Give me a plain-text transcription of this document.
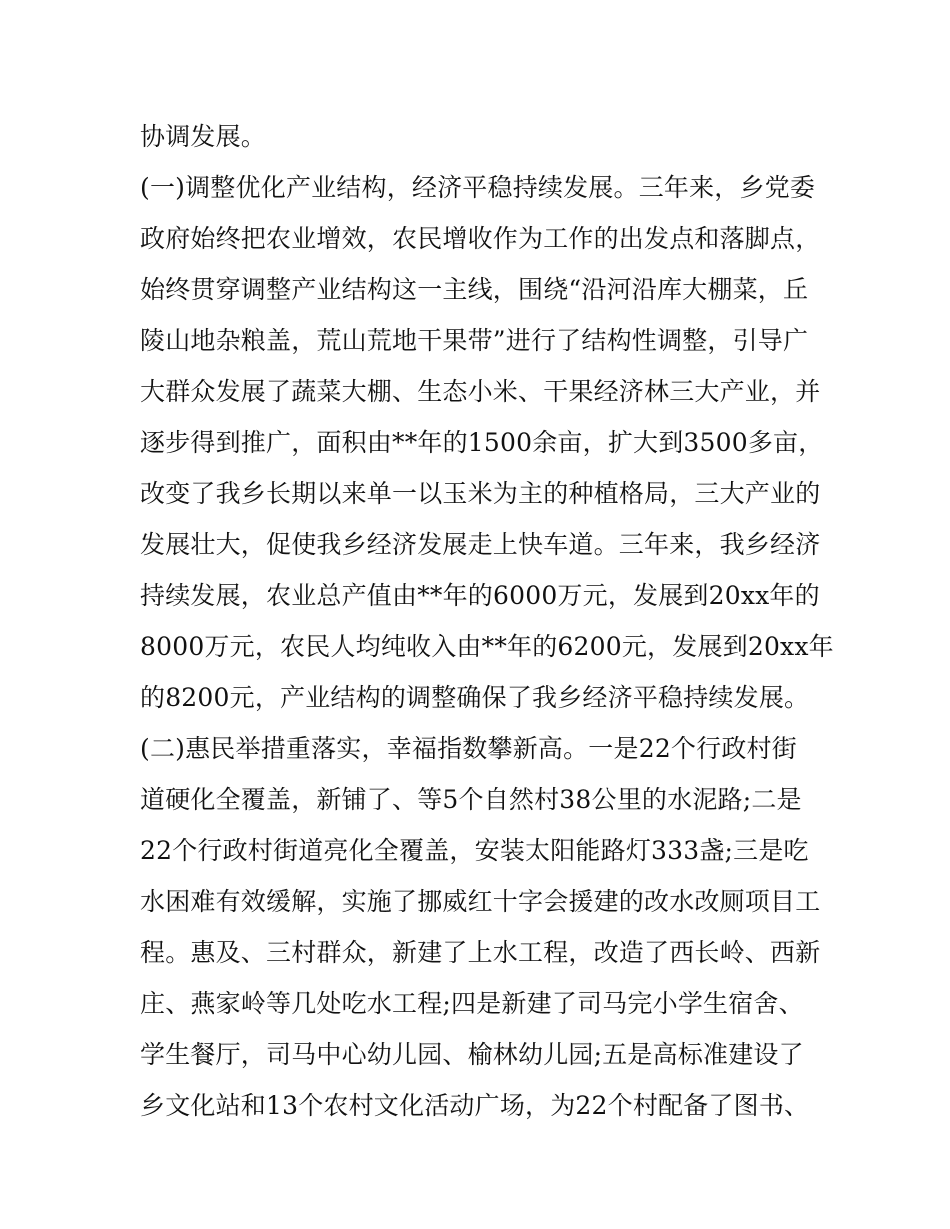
协调发展。
(一)调整优化产业结构，经济平稳持续发展。三年来，乡党委
政府始终把农业增效，农民增收作为工作的出发点和落脚点，
始终贯穿调整产业结构这一主线，围绕“沿河沿库大棚菜，丘
陵山地杂粮盖，荒山荒地干果带”进行了结构性调整，引导广
大群众发展了蔬菜大棚、生态小米、干果经济林三大产业，并
逐步得到推广，面积由**年的1500余亩，扩大到3500多亩，
改变了我乡长期以来单一以玉米为主的种植格局，三大产业的
发展壮大，促使我乡经济发展走上快车道。三年来，我乡经济
持续发展，农业总产值由**年的6000万元，发展到20xx年的
8000万元，农民人均纯收入由**年的6200元，发展到20xx年
的8200元，产业结构的调整确保了我乡经济平稳持续发展。
(二)惠民举措重落实，幸福指数攀新高。一是22个行政村街
道硬化全覆盖，新铺了、等5个自然村38公里的水泥路;二是
22个行政村街道亮化全覆盖，安装太阳能路灯333盏;三是吃
水困难有效缓解，实施了挪威红十字会援建的改水改厕项目工
程。惠及、三村群众，新建了上水工程，改造了西长岭、西新
庄、燕家岭等几处吃水工程;四是新建了司马完小学生宿舍、
学生餐厅，司马中心幼儿园、榆林幼儿园;五是高标准建设了
乡文化站和13个农村文化活动广场，为22个村配备了图书、
